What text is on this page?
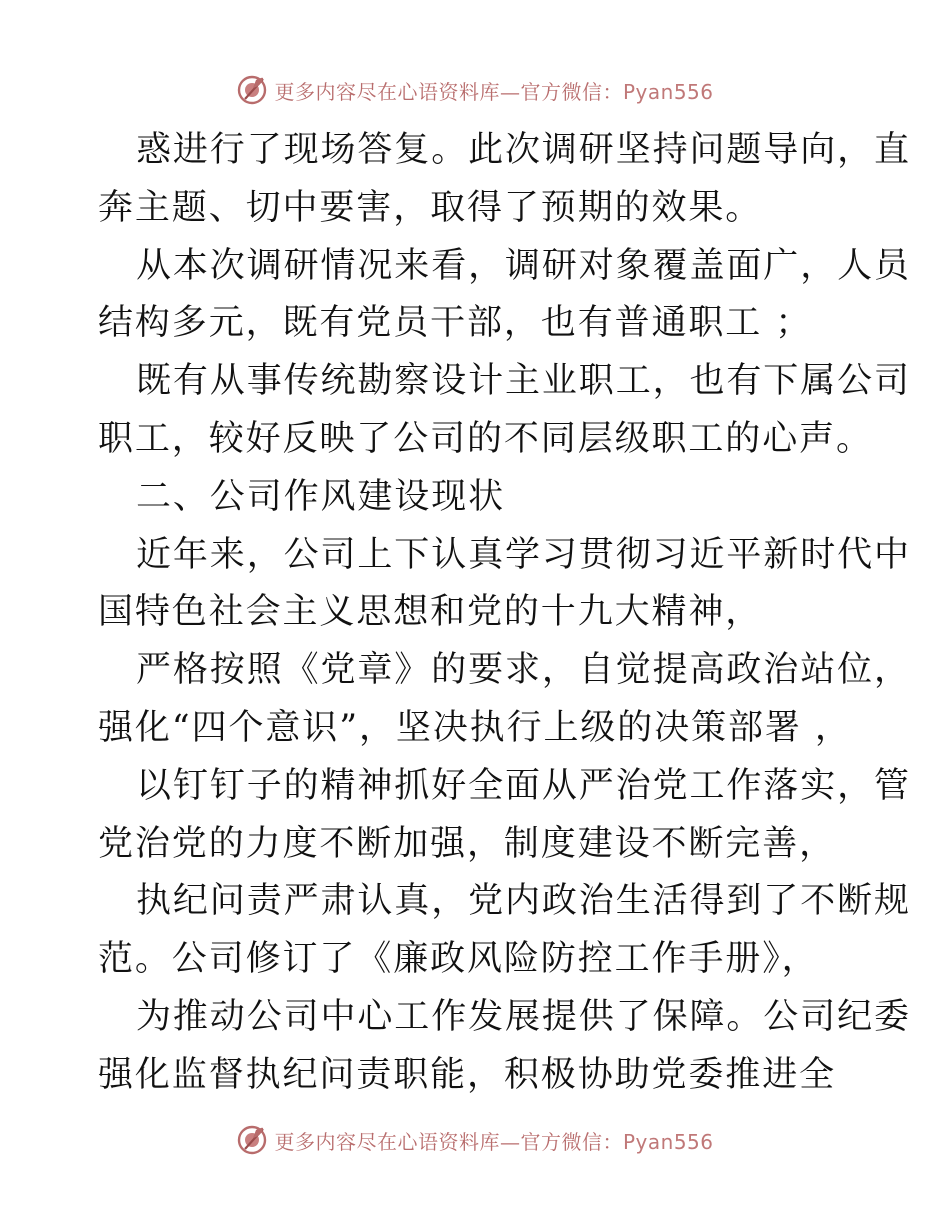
更多内容尽在心语资料库—官方微信：Pyan556
惑进行了现场答复。此次调研坚持问题导向，直
奔主题、切中要害，取得了预期的效果。
从本次调研情况来看，调研对象覆盖面广，人员
结构多元，既有党员干部，也有普通职工 ；
既有从事传统勘察设计主业职工，也有下属公司
职工，较好反映了公司的不同层级职工的心声。
二、公司作风建设现状
近年来，公司上下认真学习贯彻习近平新时代中
国特色社会主义思想和党的十九大精神，
严格按照《党章》的要求，自觉提高政治站位，
强化“四个意识”，坚决执行上级的决策部署 ，
以钉钉子的精神抓好全面从严治党工作落实，管
党治党的力度不断加强，制度建设不断完善，
执纪问责严肃认真，党内政治生活得到了不断规
范。公司修订了《廉政风险防控工作手册》，
为推动公司中心工作发展提供了保障。公司纪委
强化监督执纪问责职能，积极协助党委推进全
更多内容尽在心语资料库—官方微信：Pyan556
